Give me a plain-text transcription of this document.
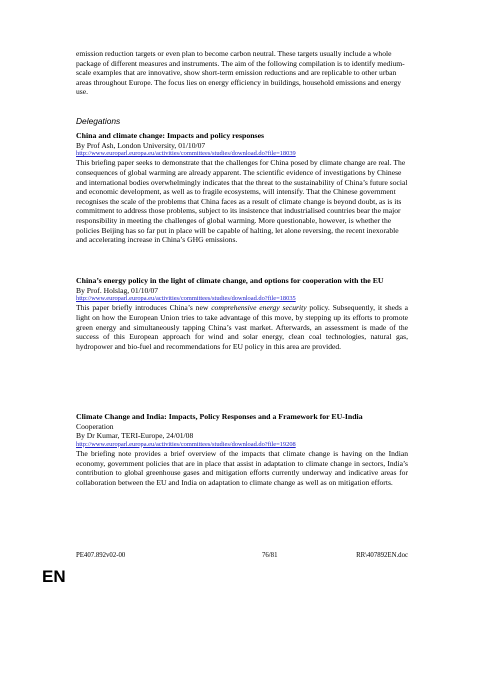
emission reduction targets or even plan to become carbon neutral. These targets usually include a whole package of different measures and instruments. The aim of the following compilation is to identify medium-scale examples that are innovative, show short-term emission reductions and are replicable to other urban areas throughout Europe. The focus lies on energy efficiency in buildings, household emissions and energy use.
Delegations
China and climate change: Impacts and policy responses
By Prof Ash, London University, 01/10/07
http://www.europarl.europa.eu/activities/committees/studies/download.do?file=18039
This briefing paper seeks to demonstrate that the challenges for China posed by climate change are real. The consequences of global warming are already apparent. The scientific evidence of investigations by Chinese and international bodies overwhelmingly indicates that the threat to the sustainability of China’s future social and economic development, as well as to fragile ecosystems, will intensify. That the Chinese government recognises the scale of the problems that China faces as a result of climate change is beyond doubt, as is its commitment to address those problems, subject to its insistence that industrialised countries bear the major responsibility in meeting the challenges of global warming. More questionable, however, is whether the policies Beijing has so far put in place will be capable of halting, let alone reversing, the recent inexorable and accelerating increase in China’s GHG emissions.
China’s energy policy in the light of climate change, and options for cooperation with the EU
By Prof. Holslag, 01/10/07
http://www.europarl.europa.eu/activities/committees/studies/download.do?file=18035
This paper briefly introduces China’s new comprehensive energy security policy. Subsequently, it sheds a light on how the European Union tries to take advantage of this move, by stepping up its efforts to promote green energy and simultaneously tapping China’s vast market. Afterwards, an assessment is made of the success of this European approach for wind and solar energy, clean coal technologies, natural gas, hydropower and bio-fuel and recommendations for EU policy in this area are provided.
Climate Change and India: Impacts, Policy Responses and a Framework for EU-India
Cooperation
By Dr Kumar, TERI-Europe, 24/01/08
http://www.europarl.europa.eu/activities/committees/studies/download.do?file=19208
The briefing note provides a brief overview of the impacts that climate change is having on the Indian economy, government policies that are in place that assist in adaptation to climate change in sectors, India’s contribution to global greenhouse gases and mitigation efforts currently underway and indicative areas for collaboration between the EU and India on adaptation to climate change as well as on mitigation efforts.
PE407.892v02-00	76/81	RR\407892EN.doc
EN
